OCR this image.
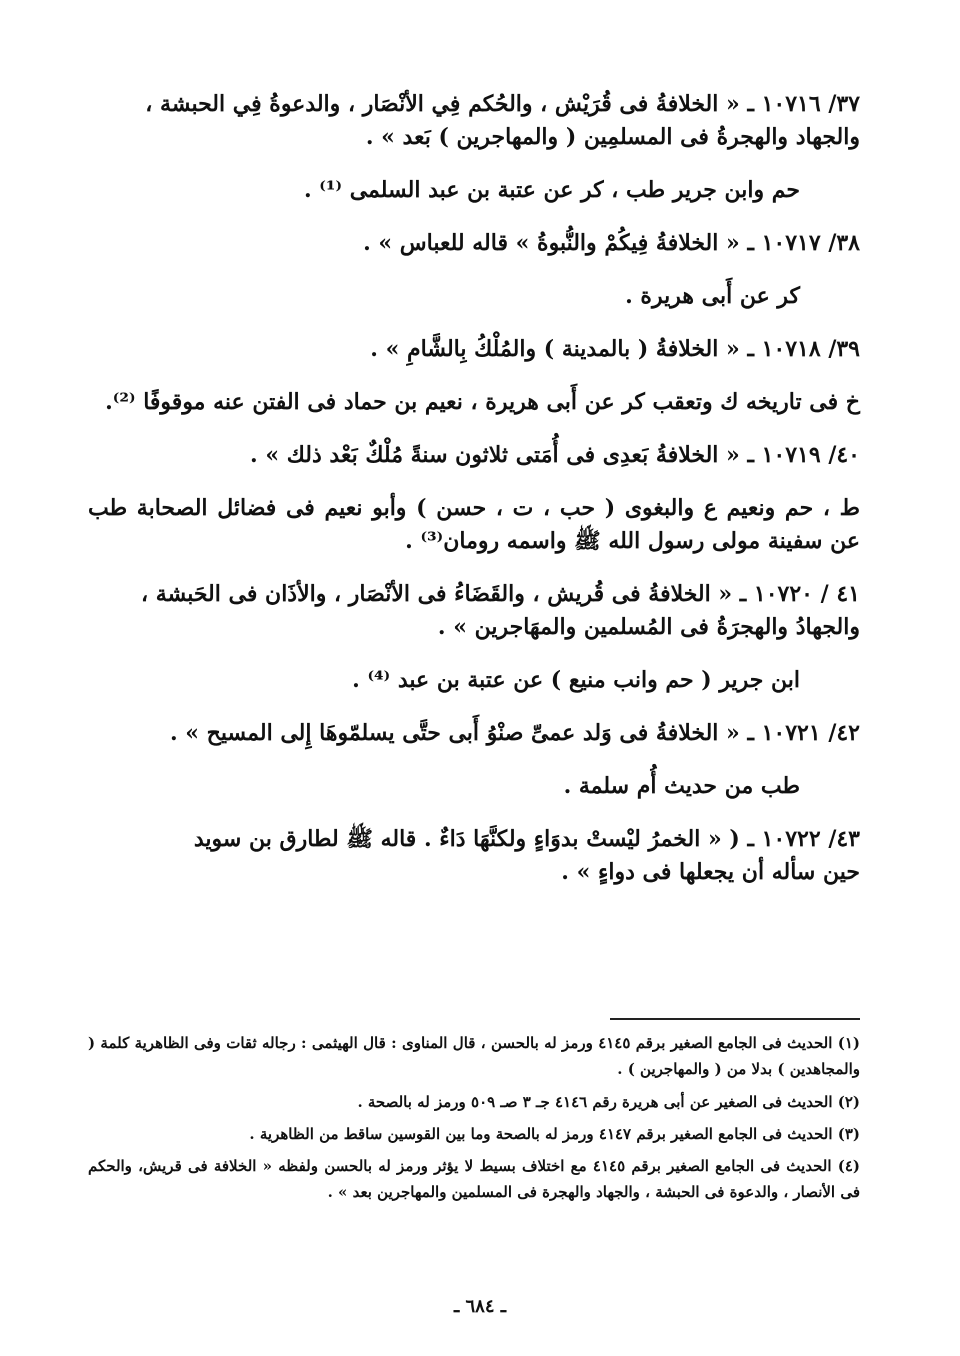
٣٧/ ١٠٧١٦ ـ « الخلافةُ فى قُرَيْش ، والحُكم فِي الأنْصَار ، والدعوةُ فِي الحبشة ،

والجهاد والهجرةُ فى المسلمِين ( والمهاجرين ) بَعد » .

حم وابن جرير طب ، كر عن عتبة بن عبد السلمى ⁽¹⁾ .

٣٨/ ١٠٧١٧ ـ « الخلافةُ فِيكُمْ والنُّبوةُ » قاله للعباس » .

كر عن أَبى هريرة .

٣٩/ ١٠٧١٨ ـ « الخلافةُ ( بالمدينة ) والمُلْكُ بِالشَّامِ » .

خ فى تاريخه ك وتعقب كر عن أَبى هريرة ، نعيم بن حماد فى الفتن عنه موقوفًا ⁽²⁾.

٤٠/ ١٠٧١٩ ـ « الخلافةُ بَعدِى فى أُمَتى ثلاثون سنةً مُلْكٌ بَعْد ذلك » .

ط ، حم ونعيم ع والبغوى ( حب ، ت ، حسن ) وأبو نعيم فى فضائل الصحابة طب عن سفينة مولى رسول الله ﷺ واسمه رومان⁽³⁾ .

٤١ / ١٠٧٢٠ ـ « الخلافةُ فى قُريش ، والقَضَاءُ فى الأنْصَار ، والأذَان فى الحَبشة ،

والجهادُ والهجرَةُ فى المُسلمين والمهَاجرين » .

ابن جرير ( حم وانب منيع ) عن عتبة بن عبد ⁽⁴⁾ .

٤٢/ ١٠٧٢١ ـ « الخلافةُ فى وَلد عمىِّ صنْوُ أَبى حتَّى يسلمّوهَا إِلى المسيح » .

طب من حديث أُم سلمة .

٤٣/ ١٠٧٢٢ ـ ( « الخمرُ ليْستْ بدوَاءٍ ولكنَّهَا دَاءٌ . قاله ﷺ لطارق بن سويد

حين سأله أن يجعلها فى دواءٍ » .

(١) الحديث فى الجامع الصغير برقم ٤١٤٥ ورمز له بالحسن ، قال المناوى : قال الهيثمى : رجاله ثقات وفى الظاهرية كلمة ( والمجاهدين ) بدلا من ( والمهاجرين ) .

(٢) الحديث فى الصغير عن أبى هريرة رقم ٤١٤٦ جـ ٣ صـ ٥٠٩ ورمز له بالصحة .

(٣) الحديث فى الجامع الصغير برقم ٤١٤٧ ورمز له بالصحة وما بين القوسين ساقط من الظاهرية .

(٤) الحديث فى الجامع الصغير برقم ٤١٤٥ مع اختلاف بسيط لا يؤثر ورمز له بالحسن ولفظه « الخلافة فى قريش، والحكم فى الأنصار ، والدعوة فى الحبشة ، والجهاد والهجرة فى المسلمين والمهاجرين بعد » .

ـ ٦٨٤ ـ
